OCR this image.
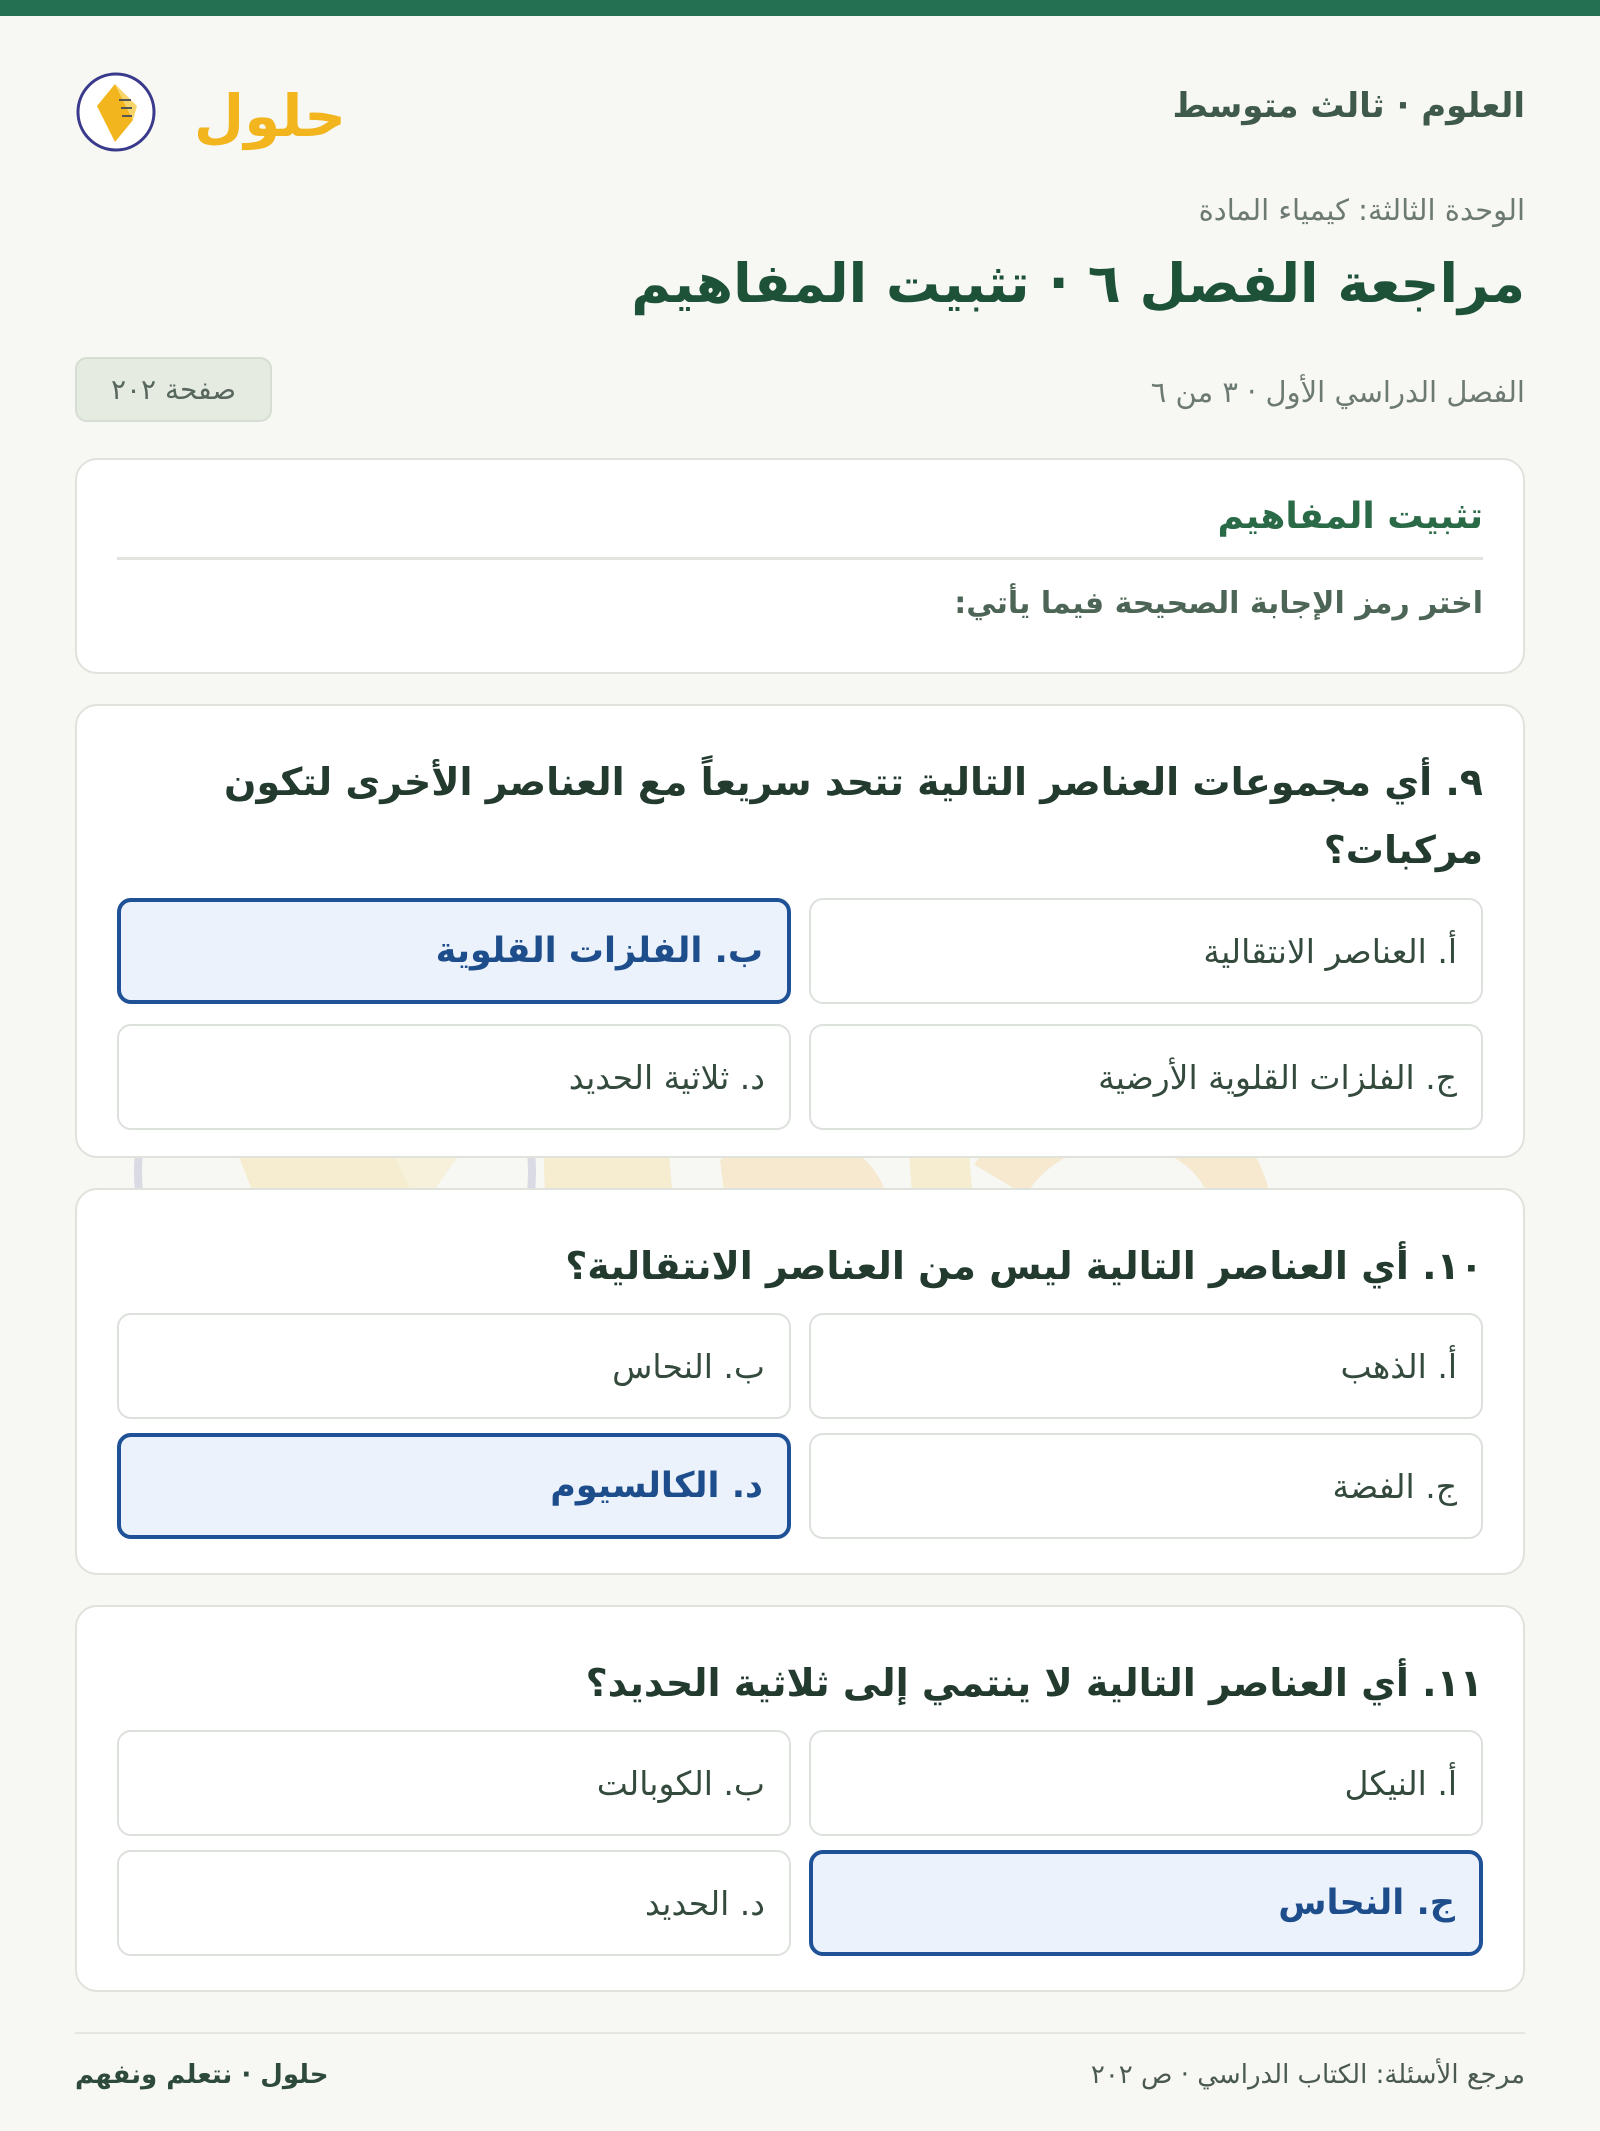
العلوم · ثالث متوسط
حلول
الوحدة الثالثة: كيمياء المادة
مراجعة الفصل ٦ · تثبيت المفاهيم
الفصل الدراسي الأول · ٣ من ٦
صفحة ٢٠٢
تثبيت المفاهيم
اختر رمز الإجابة الصحيحة فيما يأتي:
٩. أي مجموعات العناصر التالية تتحد سريعاً مع العناصر الأخرى لتكون مركبات؟
أ. العناصر الانتقالية
ب. الفلزات القلوية
ج. الفلزات القلوية الأرضية
د. ثلاثية الحديد
١٠. أي العناصر التالية ليس من العناصر الانتقالية؟
أ. الذهب
ب. النحاس
ج. الفضة
د. الكالسيوم
١١. أي العناصر التالية لا ينتمي إلى ثلاثية الحديد؟
أ. النيكل
ب. الكوبالت
ج. النحاس
د. الحديد
حلول · نتعلم ونفهم	مرجع الأسئلة: الكتاب الدراسي · ص ٢٠٢
